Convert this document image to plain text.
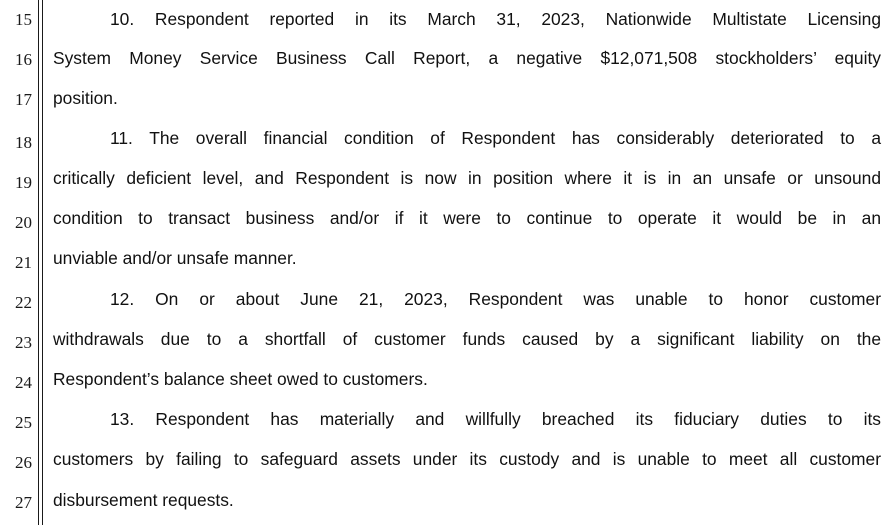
15
16
17
18
19
20
21
22
23
24
25
26
27
10. Respondent reported in its March 31, 2023, Nationwide Multistate Licensing
System Money Service Business Call Report, a negative $12,071,508 stockholders’ equity
position.
11. The overall financial condition of Respondent has considerably deteriorated to a
critically deficient level, and Respondent is now in position where it is in an unsafe or unsound
condition to transact business and/or if it were to continue to operate it would be in an
unviable and/or unsafe manner.
12. On or about June 21, 2023, Respondent was unable to honor customer
withdrawals due to a shortfall of customer funds caused by a significant liability on the
Respondent’s balance sheet owed to customers.
13. Respondent has materially and willfully breached its fiduciary duties to its
customers by failing to safeguard assets under its custody and is unable to meet all customer
disbursement requests.
